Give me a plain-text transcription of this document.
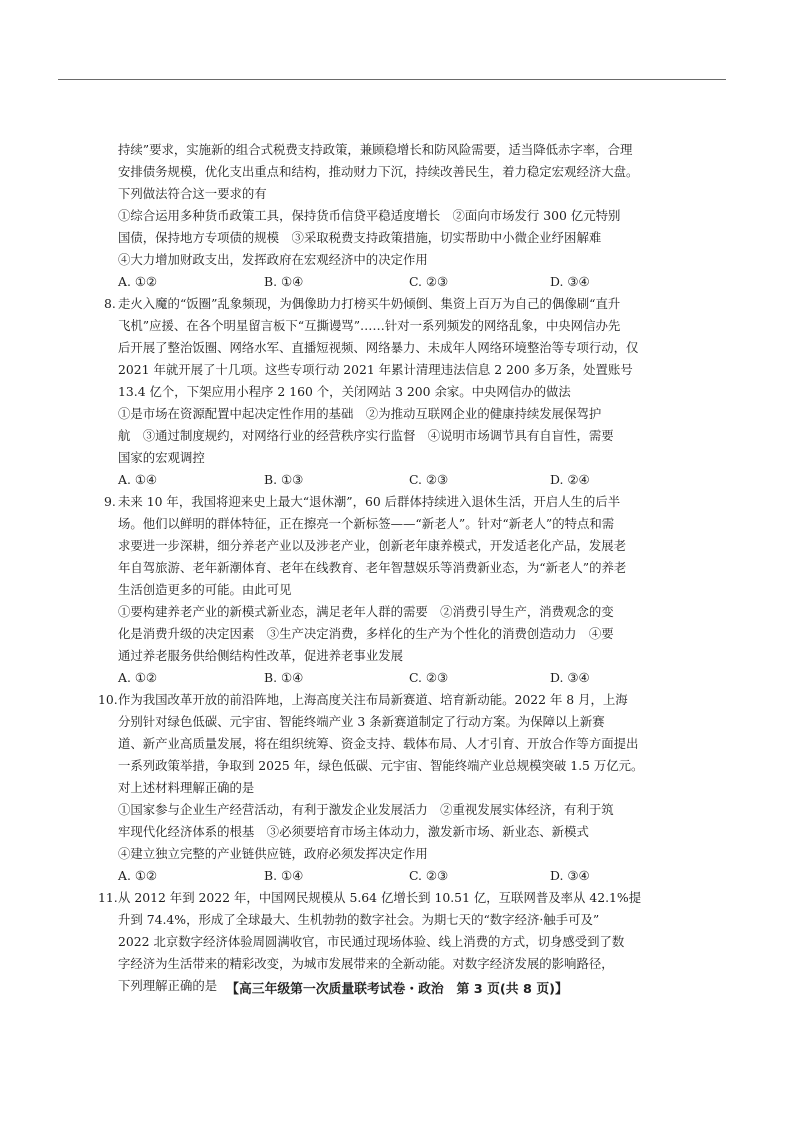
持续”要求，实施新的组合式税费支持政策，兼顾稳增长和防风险需要，适当降低赤字率，合理
安排债务规模，优化支出重点和结构，推动财力下沉，持续改善民生，着力稳定宏观经济大盘。
下列做法符合这一要求的有
①综合运用多种货币政策工具，保持货币信贷平稳适度增长　②面向市场发行 300 亿元特别
国债，保持地方专项债的规模　③采取税费支持政策措施，切实帮助中小微企业纾困解难
④大力增加财政支出，发挥政府在宏观经济中的决定作用
A. ①②	B. ①④	C. ②③	D. ③④
8. 走火入魔的“饭圈”乱象频现，为偶像助力打榜买牛奶倾倒、集资上百万为自己的偶像刷“直升
飞机”应援、在各个明星留言板下“互撕谩骂”……针对一系列频发的网络乱象，中央网信办先
后开展了整治饭圈、网络水军、直播短视频、网络暴力、未成年人网络环境整治等专项行动，仅
2021 年就开展了十几项。这些专项行动 2021 年累计清理违法信息 2 200 多万条，处置账号
13.4 亿个，下架应用小程序 2 160 个，关闭网站 3 200 余家。中央网信办的做法
①是市场在资源配置中起决定性作用的基础　②为推动互联网企业的健康持续发展保驾护
航　③通过制度规约，对网络行业的经营秩序实行监督　④说明市场调节具有自盲性，需要
国家的宏观调控
A. ①④	B. ①③	C. ②③	D. ②④
9. 未来 10 年，我国将迎来史上最大“退休潮”，60 后群体持续进入退休生活，开启人生的后半
场。他们以鲜明的群体特征，正在擦亮一个新标签——“新老人”。针对“新老人”的特点和需
求要进一步深耕，细分养老产业以及涉老产业，创新老年康养模式，开发适老化产品，发展老
年自驾旅游、老年新潮体育、老年在线教育、老年智慧娱乐等消费新业态，为“新老人”的养老
生活创造更多的可能。由此可见
①要构建养老产业的新模式新业态，满足老年人群的需要　②消费引导生产，消费观念的变
化是消费升级的决定因素　③生产决定消费，多样化的生产为个性化的消费创造动力　④要
通过养老服务供给侧结构性改革，促进养老事业发展
A. ①②	B. ①④	C. ②③	D. ③④
10. 作为我国改革开放的前沿阵地，上海高度关注布局新赛道、培育新动能。2022 年 8 月，上海
分别针对绿色低碳、元宇宙、智能终端产业 3 条新赛道制定了行动方案。为保障以上新赛
道、新产业高质量发展，将在组织统筹、资金支持、载体布局、人才引育、开放合作等方面提出
一系列政策举措，争取到 2025 年，绿色低碳、元宇宙、智能终端产业总规模突破 1.5 万亿元。
对上述材料理解正确的是
①国家参与企业生产经营活动，有利于激发企业发展活力　②重视发展实体经济，有利于筑
牢现代化经济体系的根基　③必须要培育市场主体动力，激发新市场、新业态、新模式
④建立独立完整的产业链供应链，政府必须发挥决定作用
A. ①②	B. ①④	C. ②③	D. ③④
11. 从 2012 年到 2022 年，中国网民规模从 5.64 亿增长到 10.51 亿，互联网普及率从 42.1%提
升到 74.4%，形成了全球最大、生机勃勃的数字社会。为期七天的“数字经济·触手可及”
2022 北京数字经济体验周圆满收官，市民通过现场体验、线上消费的方式，切身感受到了数
字经济为生活带来的精彩改变，为城市发展带来的全新动能。对数字经济发展的影响路径，
下列理解正确的是 【高三年级第一次质量联考试卷・政治　第 3 页(共 8 页)】
